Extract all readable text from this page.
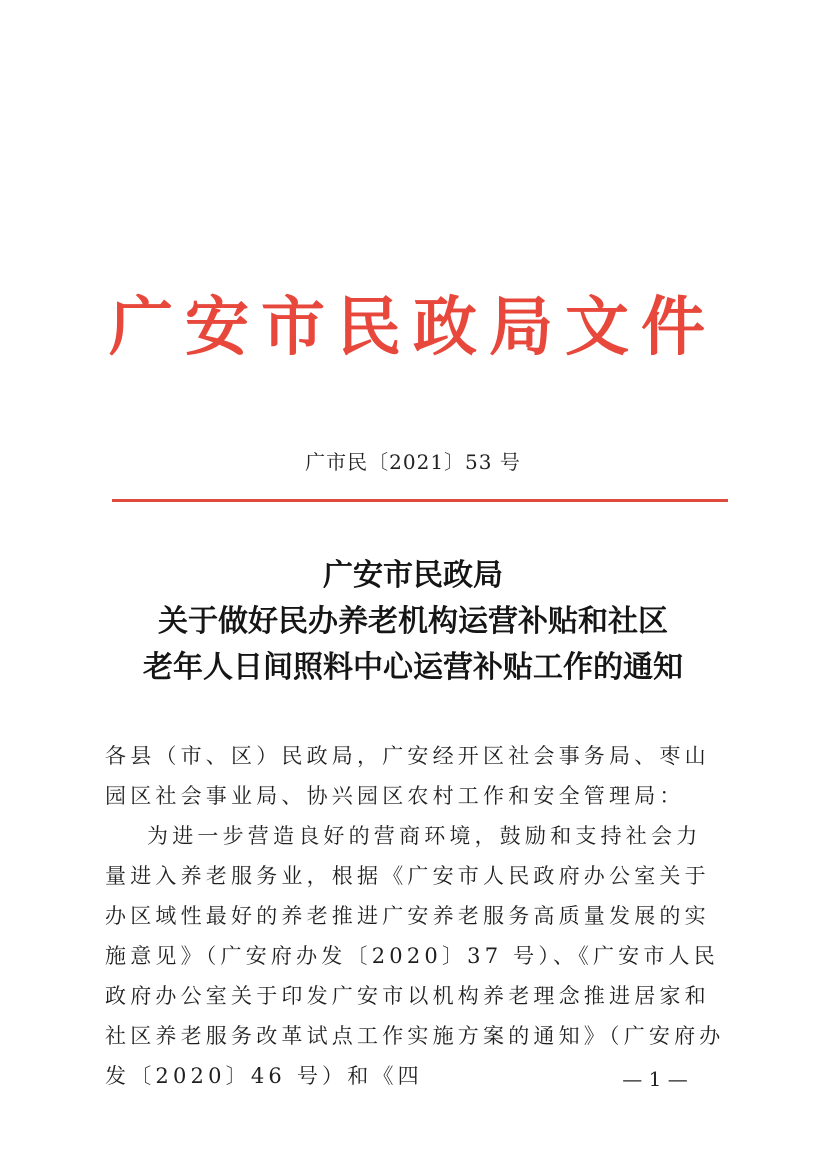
广安市民政局文件
广市民〔2021〕53 号
广安市民政局
关于做好民办养老机构运营补贴和社区
老年人日间照料中心运营补贴工作的通知

各县（市、区）民政局，广安经开区社会事务局、枣山园区社会事业局、协兴园区农村工作和安全管理局：

为进一步营造良好的营商环境，鼓励和支持社会力量进入养老服务业，根据《广安市人民政府办公室关于办区域性最好的养老推进广安养老服务高质量发展的实施意见》（广安府办发〔2020〕37 号）、《广安市人民政府办公室关于印发广安市以机构养老理念推进居家和社区养老服务改革试点工作实施方案的通知》（广安府办发〔2020〕46 号）和《四	— 1 —
